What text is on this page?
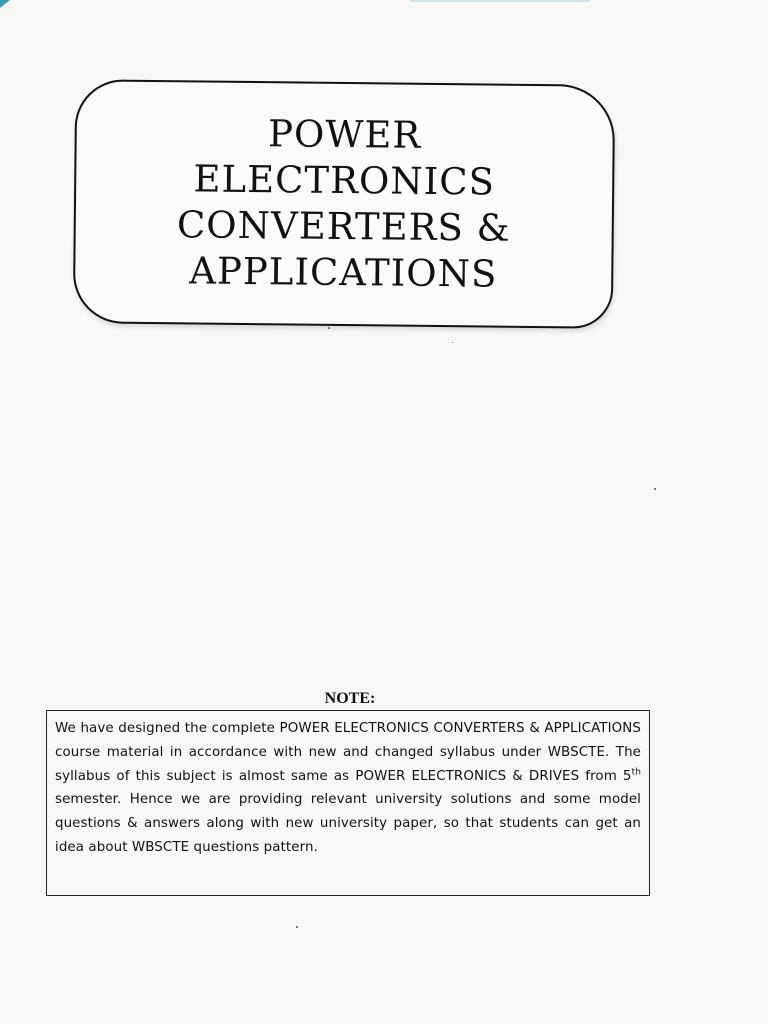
POWER
ELECTRONICS
CONVERTERS &
APPLICATIONS
NOTE:

We have designed the complete POWER ELECTRONICS CONVERTERS & APPLICATIONS course material in accordance with new and changed syllabus under WBSCTE. The syllabus of this subject is almost same as POWER ELECTRONICS & DRIVES from 5th semester. Hence we are providing relevant university solutions and some model questions & answers along with new university paper, so that students can get an idea about WBSCTE questions pattern.
